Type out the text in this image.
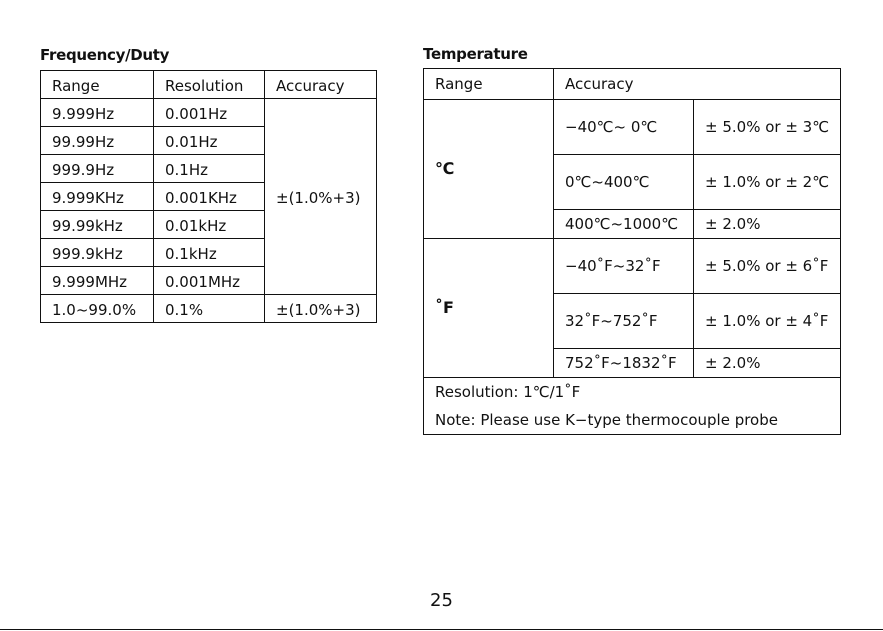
Frequency/Duty
Range	Resolution	Accuracy
9.999Hz	0.001Hz	±(1.0%+3)
99.99Hz	0.01Hz	
999.9Hz	0.1Hz	
9.999KHz	0.001KHz	
99.99kHz	0.01kHz	
999.9kHz	0.1kHz	
9.999MHz	0.001MHz	
1.0~99.0%	0.1%	±(1.0%+3)
Temperature
Range	Accuracy	
℃	−40℃~ 0℃	± 5.0% or ± 3℃
	0℃~400℃	± 1.0% or ± 2℃
	400℃~1000℃	± 2.0%
˚F	−40˚F~32˚F	± 5.0% or ± 6˚F
	32˚F~752˚F	± 1.0% or ± 4˚F
	752˚F~1832˚F	± 2.0%
Resolution: 1℃/1˚F		
Note: Please use K−type thermocouple probe		
25
